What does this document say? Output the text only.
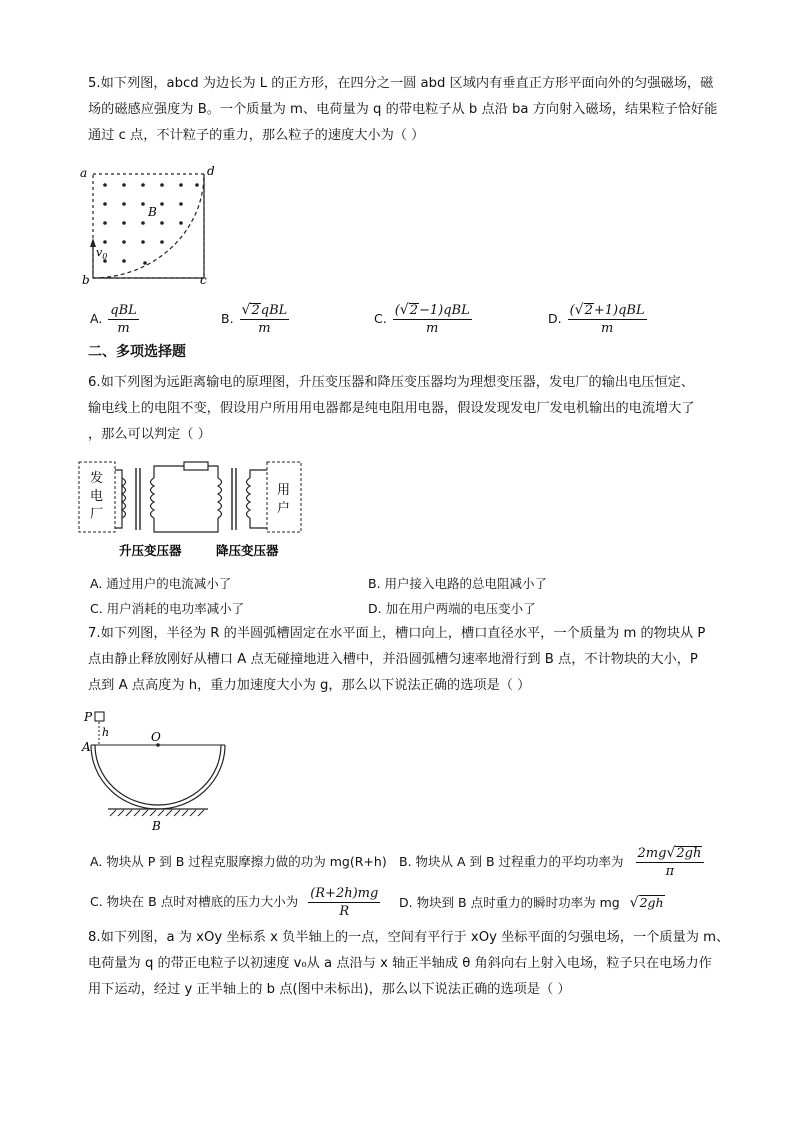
5.如下列图，abcd 为边长为 L 的正方形，在四分之一圆 abd 区域内有垂直正方形平面向外的匀强磁场，磁
场的磁感应强度为 B。一个质量为 m、电荷量为 q 的带电粒子从 b 点沿 ba 方向射入磁场，结果粒子恰好能
通过 c 点，不计粒子的重力，那么粒子的速度大小为（ ）

a	d
b	c
B
$v_0$
A. $\frac{\text{qBL}}{m}$	B. $\frac{\text{√2qBL}}{m}$	C. $\frac{\text{(√2−1)qBL}}{m}$	D. $\frac{\text{(√2+1)qBL}}{m}$
二、多项选择题

6.如下列图为远距离输电的原理图，升压变压器和降压变压器均为理想变压器，发电厂的输出电压恒定、
输电线上的电阻不变，假设用户所用用电器都是纯电阻用电器，假设发现发电厂发电机输出的电流增大了
，那么可以判定（ ）

发
电
厂
用
户
升压变压器	降压变压器
A. 通过用户的电流减小了	B. 用户接入电路的总电阻减小了
C. 用户消耗的电功率减小了	D. 加在用户两端的电压变小了

7.如下列图，半径为 R 的半圆弧槽固定在水平面上，槽口向上，槽口直径水平，一个质量为 m 的物块从 P
点由静止释放刚好从槽口 A 点无碰撞地进入槽中，并沿圆弧槽匀速率地滑行到 B 点，不计物块的大小，P
点到 A 点高度为 h，重力加速度大小为 g，那么以下说法正确的选项是（ ）

P
h
A
O
B
A. 物块从 P 到 B 过程克服摩擦力做的功为 mg(R+h) B. 物块从 A 到 B 过程重力的平均功率为 $\frac{2mg√2gh}{\pi}$
C. 物块在 B 点时对槽底的压力大小为 $\frac{(R+2h)mg}{R} D$. 物块到 B 点时重力的瞬时功率为 mg √2gh

8.如下列图，a 为 xOy 坐标系 x 负半轴上的一点，空间有平行于 xOy 坐标平面的匀强电场，一个质量为 m、
电荷量为 q 的带正电粒子以初速度 v₀从 a 点沿与 x 轴正半轴成 θ 角斜向右上射入电场，粒子只在电场力作
用下运动，经过 y 正半轴上的 b 点(图中未标出)，那么以下说法正确的选项是（ ）
